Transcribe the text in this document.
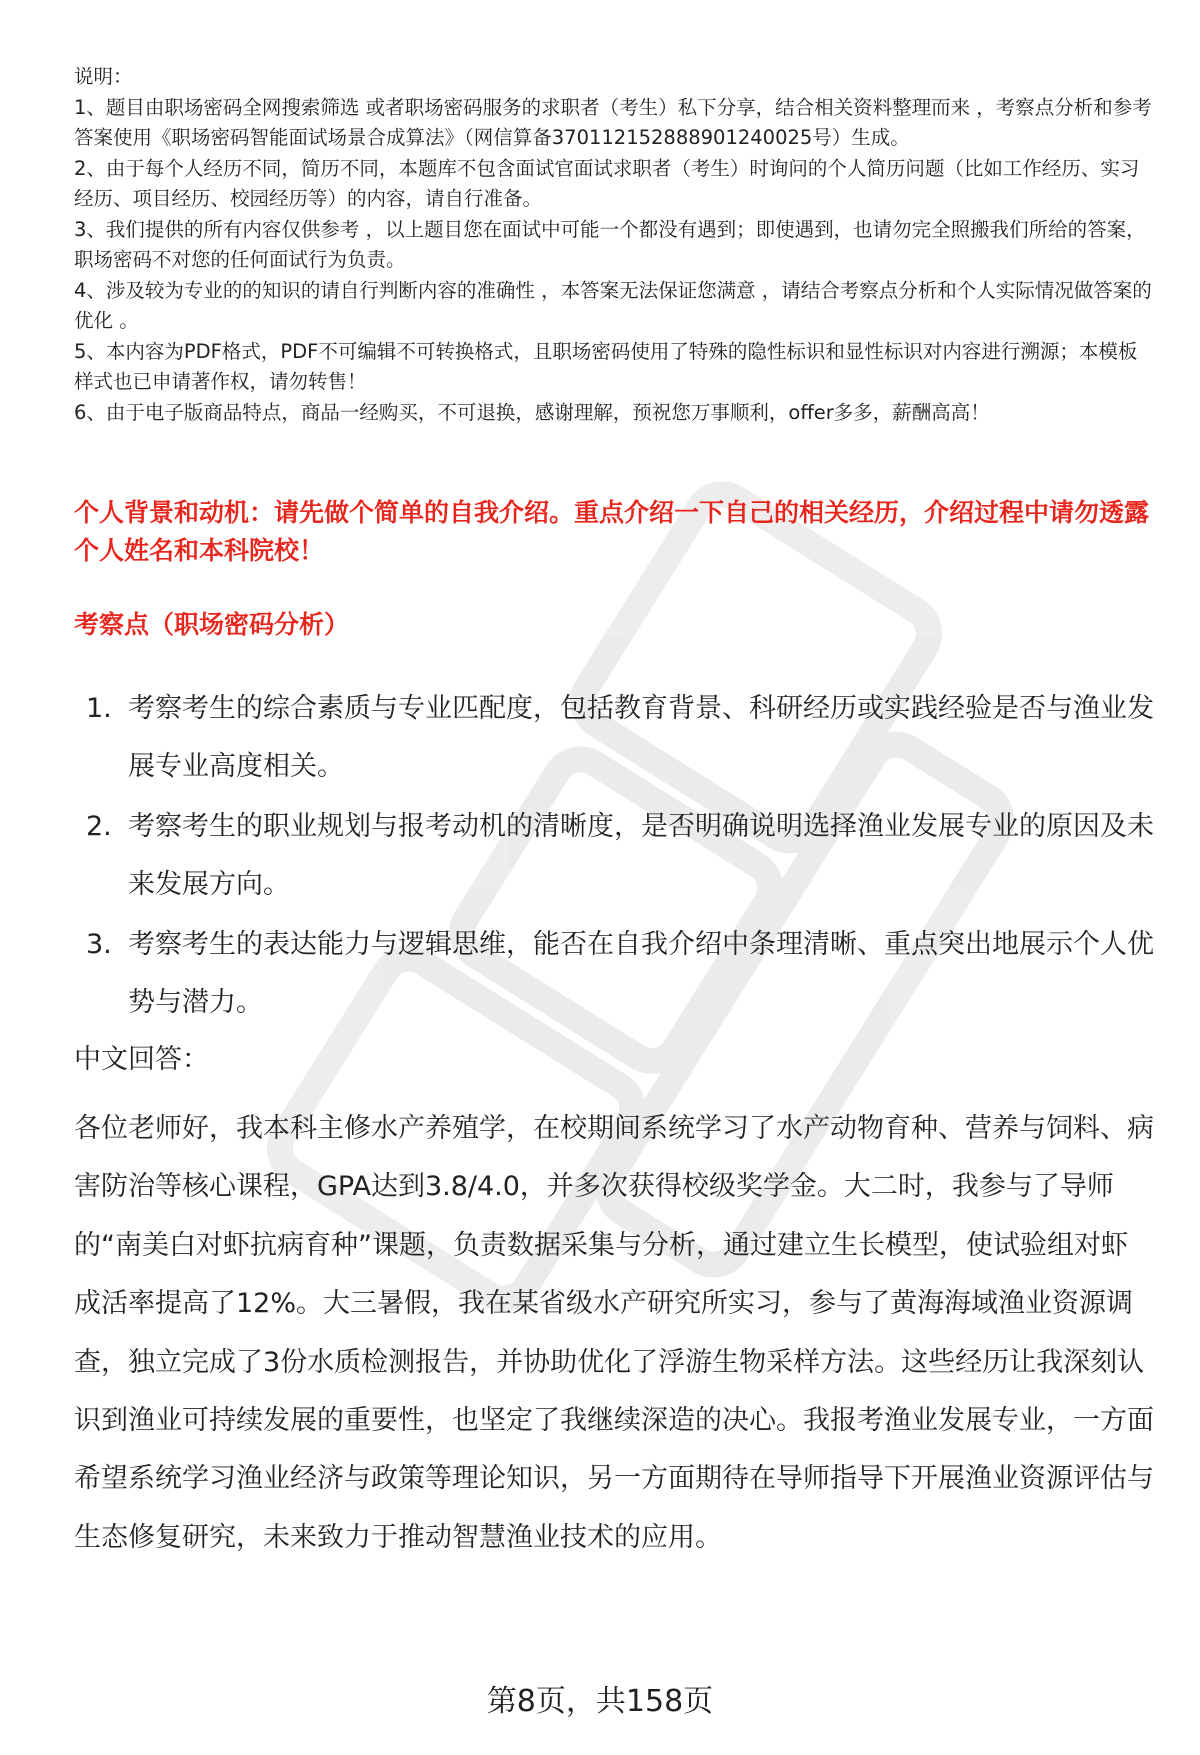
说明：

1、题目由职场密码全网搜索筛选 或者职场密码服务的求职者（考生）私下分享，结合相关资料整理而来 ，考察点分析和参考答案使用《职场密码智能面试场景合成算法》（网信算备370112152888901240025号）生成。

2、由于每个人经历不同，简历不同，本题库不包含面试官面试求职者（考生）时询问的个人简历问题（比如工作经历、实习经历、项目经历、校园经历等）的内容，请自行准备。

3、我们提供的所有内容仅供参考 ，以上题目您在面试中可能一个都没有遇到；即使遇到，也请勿完全照搬我们所给的答案，职场密码不对您的任何面试行为负责。

4、涉及较为专业的的知识的请自行判断内容的准确性 ，本答案无法保证您满意 ，请结合考察点分析和个人实际情况做答案的优化 。

5、本内容为PDF格式，PDF不可编辑不可转换格式，且职场密码使用了特殊的隐性标识和显性标识对内容进行溯源；本模板样式也已申请著作权，请勿转售！

6、由于电子版商品特点，商品一经购买，不可退换，感谢理解，预祝您万事顺利，offer多多，薪酬高高！

个人背景和动机：请先做个简单的自我介绍。重点介绍一下自己的相关经历，介绍过程中请勿透露个人姓名和本科院校！
考察点（职场密码分析）
1. 考察考生的综合素质与专业匹配度，包括教育背景、科研经历或实践经验是否与渔业发展专业高度相关。
2. 考察考生的职业规划与报考动机的清晰度，是否明确说明选择渔业发展专业的原因及未来发展方向。
3. 考察考生的表达能力与逻辑思维，能否在自我介绍中条理清晰、重点突出地展示个人优势与潜力。
中文回答：

各位老师好，我本科主修水产养殖学，在校期间系统学习了水产动物育种、营养与饲料、病害防治等核心课程，GPA达到3.8/4.0，并多次获得校级奖学金。大二时，我参与了导师的“南美白对虾抗病育种”课题，负责数据采集与分析，通过建立生长模型，使试验组对虾成活率提高了12%。大三暑假，我在某省级水产研究所实习，参与了黄海海域渔业资源调查，独立完成了3份水质检测报告，并协助优化了浮游生物采样方法。这些经历让我深刻认识到渔业可持续发展的重要性，也坚定了我继续深造的决心。我报考渔业发展专业，一方面希望系统学习渔业经济与政策等理论知识，另一方面期待在导师指导下开展渔业资源评估与生态修复研究，未来致力于推动智慧渔业技术的应用。

第8页，共158页
